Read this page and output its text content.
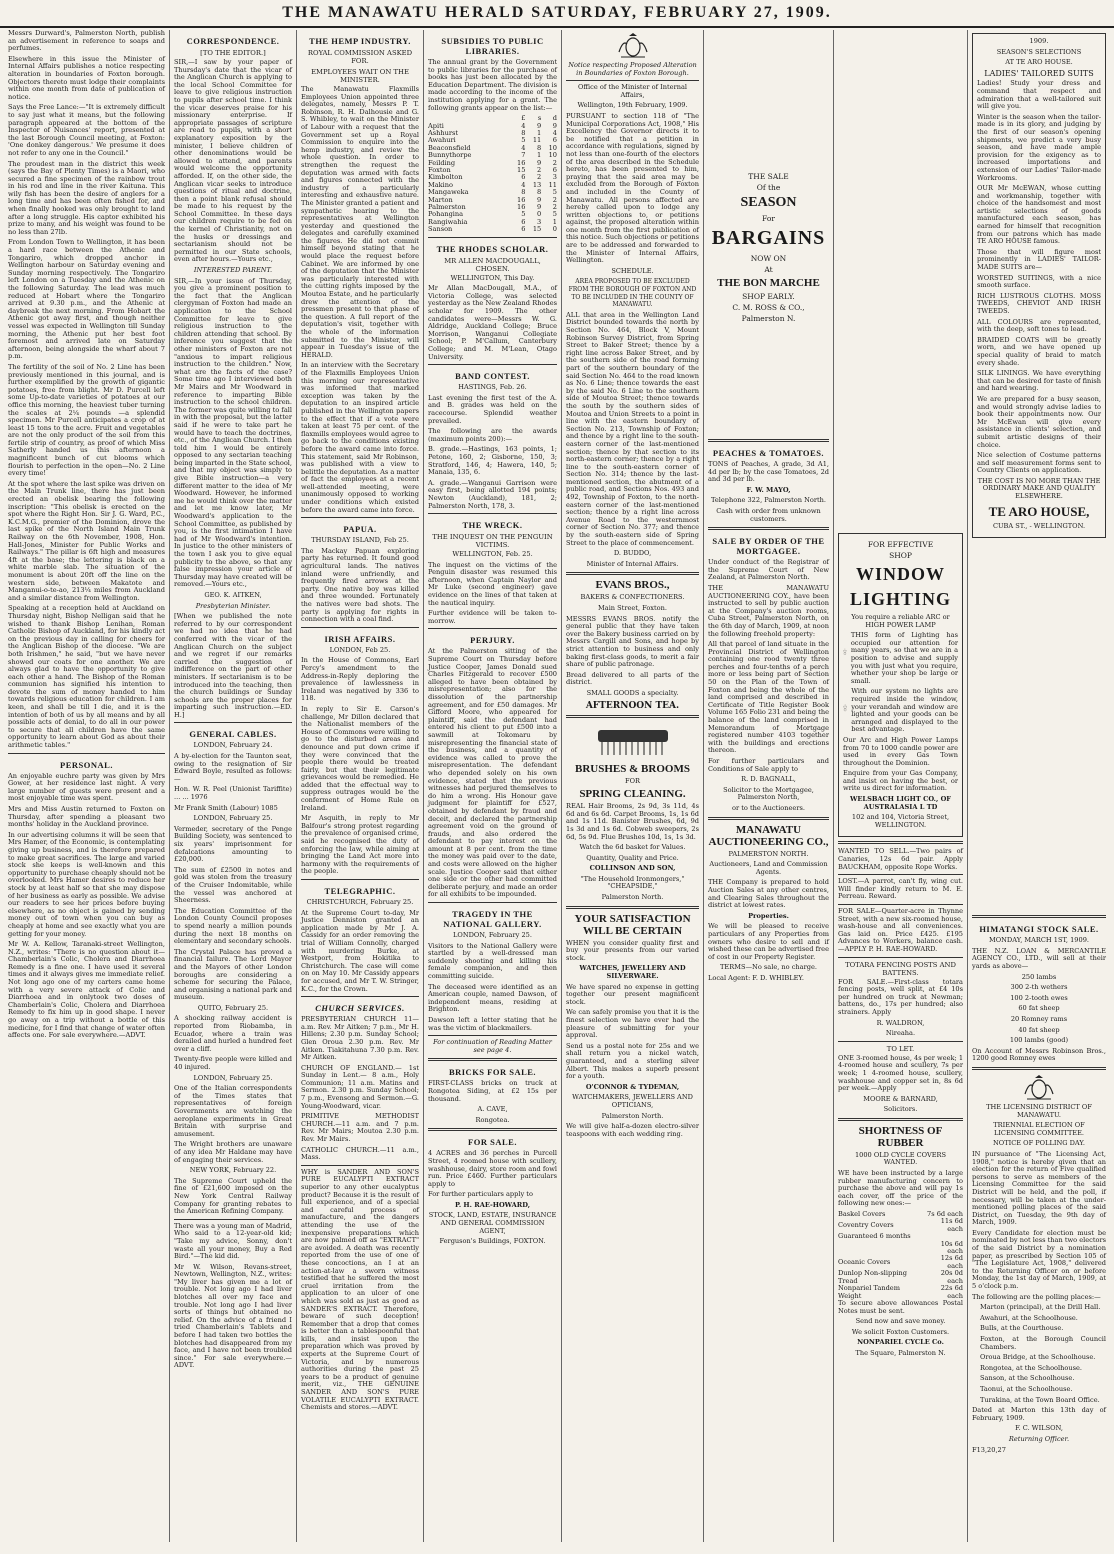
THE MANAWATU HERALD SATURDAY, FEBRUARY 27, 1909.

Messrs Durward's, Palmerston North, publish an advertisement in reference to soaps and perfumes.

Elsewhere in this issue the Minister of Internal Affairs publishes a notice respecting alteration in boundaries of Foxton borough. Objectors thereto must lodge their complaints within one month from date of publication of notice.

Says the Free Lance:—"It is extremely difficult to say just what it means, but the following paragraph appeared at the bottom of the Inspector of Nuisances' report, presented at the last Borough Council meeting, at Foxton: 'One donkey dangerous.' We presume it does not refer to any one in the Council."

The proudest man in the district this week (says the Bay of Plenty Times) is a Maori, who secured a fine specimen of the rainbow trout in his rod and line in the river Kaituna. This wily fish has been the desire of anglers for a long time and has been often fished for, and when finally hooked was only brought to land after a long struggle. His captor exhibited his prize to many, and his weight was found to be no less than 27lb.

From London Town to Wellington, it has been a hard race between the Athenic and Tongariro, which dropped anchor in Wellington harbour on Saturday evening and Sunday morning respectively. The Tongariro left London on a Tuesday and the Athenic on the following Saturday. The lead was much reduced at Hobart where the Tongariro arrived at 9.30 p.m., and the Athenic at daybreak the next morning. From Hobart the Athenic got away first, and though neither vessel was expected in Wellington till Sunday morning, the Athenic put her best foot foremost and arrived late on Saturday afternoon, being alongside the wharf about 7 p.m.

The fertility of the soil of No. 2 Line has been previously mentioned in this journal, and is further exemplified by the growth of gigantic potatoes, free from blight. Mr D. Purcell left some Up-to-date varieties of potatoes at our office this morning, the heaviest tuber turning the scales at 2¼ pounds —a splendid specimen. Mr Purcell anticipates a crop of at least 15 tons to the acre. Fruit and vegetables are not the only product of the soil from this fertile strip of country, as proof of which Miss Satherly handed us this afternoon a magnificent bunch of cut blooms which flourish to perfection in the open—No. 2 Line every time!

At the spot where the last spike was driven on the Main Trunk line, there has just been erected an obelisk bearing the following inscription: "This obelisk is erected on the spot where the Right Hon. Sir J. G. Ward, P.C., K.C.M.G., premier of the Dominion, drove the last spike of the North Island Main Trunk Railway on the 6th November, 1908, Hon. Hall-Jones, Minister for Public Works and Railways." The pillar is 6ft high and measures 4ft at the base; the lettering is black on a white marble slab. The situation of the monument is about 20ft off the line on the western side, between Makatote and Manganui-o-te-ao, 213¼ miles from Auckland and a similar distance from Wellington.

Speaking at a reception held at Auckland on Thursday night, Bishop Nelligan said that he wished to thank Bishop Lenihan, Roman Catholic Bishop of Auckland, for his kindly act on the previous day in calling for cheers for the Anglican Bishop of the diocese. "We are both Irishmen," he said, "but we have never showed our coats for one another. We are always glad to have the opportunity to give each other a hand. The Bishop of the Roman communion has signified his intention to devote the sum of money handed to him towards religious education for children. I am keen, and shall be till I die, and it is the intention of both of us by all means and by all possible acts of denial, to do all in our power to secure that all children have the same opportunity to learn about God as about their arithmetic tables."

PERSONAL.

An enjoyable euchre party was given by Mrs Gower, at her residence last night. A very large number of guests were present and a most enjoyable time was spent.

Mrs and Miss Austin returned to Foxton on Thursday, after spending a pleasant two months' holiday in the Auckland province.

In our advertising columns it will be seen that Mrs Hamer, of the Economic, is contemplating giving up business, and is therefore prepared to make great sacrifices. The large and varied stock she keeps is well-known and this opportunity to purchase cheaply should not be overlooked. Mrs Hamer desires to reduce her stock by at least half so that she may dispose of her business as early as possible. We advise our readers to see her prices before buying elsewhere, as no object is gained by sending money out of town when you can buy as cheaply at home and see exactly what you are getting for your money.

Mr W. A. Kellow, Taranaki-street Wellington, N.Z., writes: "There is no question about it—Chamberlain's Colic, Cholera and Diarrhoea Remedy is a fine one. I have used it several times and it always gives me immediate relief. Not long ago one of my carters came home with a very severe attack of Colic and Diarrhoea and in onlytook two doses of Chamberlain's Colic, Cholera and Diarrhoea Remedy to fix him up in good shape. I never go away on a trip without a bottle of this medicine, for I find that change of water often affects one. For sale everywhere.—ADVT.

CORRESPONDENCE.
[TO THE EDITOR.]

SIR,—I saw by your paper of Thursday's date that the vicar of the Anglican Church is applying to the local School Committee for leave to give religious instruction to pupils after school time. I think the vicar deserves praise for his missionary enterprise. If appropriate passages of scripture are read to pupils, with a short explanatory exposition by the minister, I believe children of other denominations would be allowed to attend, and parents would welcome the opportunity afforded. If, on the other side, the Anglican vicar seeks to introduce questions of ritual and doctrine, then a point blank refusal should be made to his request by the School Committee. In these days our children require to be fed on the kernel of Christianity, not on the husks or dressings and sectarianism should not be permitted in our State schools, even after hours.—Yours etc.,

INTERESTED PARENT.

SIR,—In your issue of Thursday, you give a prominent position to the fact that the Anglican clergyman of Foxton had made an application to the School Committee for leave to give religious instruction to the children attending that school. By inference you suggest that the other ministers of Foxton are not "anxious to impart religious instruction to the children." Now, what are the facts of the case? Some time ago I interviewed both Mr Mairs and Mr Woodward in reference to imparting Bible instruction to the school children. The former was quite willing to fall in with the proposal, but the latter said if he were to take part he would have to teach the doctrines, etc., of the Anglican Church. I then told him I would be entirely opposed to any sectarian teaching being imparted in the State school, and that my object was simply to give Bible instruction—a very different matter to the idea of Mr Woodward. However, he informed me he would think over the matter and let me know later, Mr Woodward's application to the School Committee, as published by you, is the first intimation I have had of Mr Woodward's intention. In justice to the other ministers of the town I ask you to give equal publicity to the above, so that any false impression your article of Thursday may have created will be removed.—Yours etc.,

GEO. K. AITKEN,

Presbyterian Minister.

[When we published the note referred to by our correspondent we had no idea that he had conferred with the vicar of the Anglican Church on the subject and we regret if our remarks carried the suggestion of indifference on the part of other ministers. If sectarianism is to be introduced into the teaching, then the church buildings or Sunday schools are the proper places for imparting such instruction.—ED. H.]

GENERAL CABLES.

LONDON, February 24.

A by-election for the Taunton seat, owing to the resignation of Sir Edward Boyle, resulted as follows:—

Hon. W. R. Peel (Unionist Tariffite) ... ... 1976

Mr Frank Smith (Labour) 1085

LONDON, February 25.

Vermeder, secretary of the Penge Building Society, was sentenced to six years' imprisonment for defalcations amounting to £20,000.

The sum of £2500 in notes and gold was stolen from the treasury of the Cruiser Indomitable, while the vessel was anchored at Sheerness.

The Education Committee of the London County Council proposes to spend nearly a million pounds during the next 18 months on elementary and secondary schools.

The Crystal Palace has proved a financial failure. The Lord Mayor and the Mayors of other London boroughs are considering a scheme for securing the Palace, and organising a national park and museum.

QUITO, February 25.

A shocking railway accident is reported from Riobamba, in Ecuador, where a train was derailed and hurled a hundred feet over a cliff.

Twenty-five people were killed and 40 injured.

LONDON, February 25.

One of the Italian correspondents of the Times states that representatives of foreign Governments are watching the aeroplane experiments in Great Britain with surprise and amusement.

The Wright brothers are unaware of any idea Mr Haldane may have of engaging their services.

NEW YORK, February 22.

The Supreme Court upheld the fine of £21,600 imposed on the New York Central Railway Company for granting rebates to the American Refining Company.

There was a young man of Madrid, Who said to a 12-year-old kid; "Take my advice, Sonny, don't waste all your money, Buy a Red Bird."—The kid did.

Mr W. Wilson, Revans-street, Newtown, Wellington, N.Z., writes: "My liver has given me a lot of trouble. Not long ago I had liver blotches all over my face and trouble. Not long ago I had liver sorts of things but obtained no relief. On the advice of a friend I tried Chamberlain's Tablets and before I had taken two bottles the blotches had disappeared from my face, and I have not been troubled since." For sale everywhere.—ADVT.

THE HEMP INDUSTRY.
ROYAL COMMISSION ASKED FOR.
EMPLOYEES WAIT ON THE MINISTER.

The Manawatu Flaxmills Employees Union appointed three delegates, namely, Messrs P. T. Robinson, R. H. Dalhousie and G. S. Whibley, to wait on the Minister of Labour with a request that the Government set up a Royal Commission to enquire into the hemp industry, and review the whole question. In order to strengthen the request the deputation was armed with facts and figures connected with the industry of a particularly interesting and exhaustive nature. The Minister granted a patient and sympathetic hearing to the representatives at Wellington yesterday and questioned the delegates and carefully examined the figures. He did not commit himself beyond stating that he would place the request before Cabinet. We are informed by one of the deputation that the Minister was particularly interested with the cutting rights imposed by the Moutoa Estate, and he particularly drew the attention of the pressmen present to that phase of the question. A full report of the deputation's visit, together with the whole of the information submitted to the Minister, will appear in Tuesday's issue of the HERALD.

In an interview with the Secretary of the Flaxmills Employees Union this morning our representative was informed that marked exception was taken by the deputation to an inspired article published in the Wellington papers to the effect that if a vote were taken at least 75 per cent. of the flaxmills employees would agree to go back to the conditions existing before the award came into force. This statement, said Mr Robinson, was published with a view to belittle the deputation. As a matter of fact the employees at a recent well-attended meeting, were unanimously opposed to working under conditions which existed before the award came into force.

PAPUA.

THURSDAY ISLAND, Feb 25.

The Mackay Papuan exploring party has returned. It found good agricultural lands. The natives inland were unfriendly, and frequently fired arrows at the party. One native boy was killed and three wounded. Fortunately the natives were bad shots. The party is applying for rights in connection with a coal find.

IRISH AFFAIRS.

LONDON, Feb 25.

In the House of Commons, Earl Percy's amendment to the Address-in-Reply deploring the prevalence of lawlessness in Ireland was negatived by 336 to 118.

In reply to Sir E. Carson's challenge, Mr Dillon declared that the Nationalist members of the House of Commons were willing to go to the disturbed areas and denounce and put down crime if they were convinced that the people there would be treated fairly, but that their legitimate grievances would be remedied. He added that the effectual way to suppress outrages would be the conferment of Home Rule on Ireland.

Mr Asquith, in reply to Mr Balfour's strong protest regarding the prevalence of organised crime, said he recognised the duty of enforcing the law, while aiming at bringing the Land Act more into harmony with the requirements of the people.

TELEGRAPHIC.

CHRISTCHURCH, February 25.

At the Supreme Court to-day, Mr Justice Denniston granted an application made by Mr J. A. Cassidy for an order removing the trial of William Connolly, charged with murdering Burke, at Westport, from Hokitika to Christchurch. The case will come on on May 10. Mr Cassidy appears for accused, and Mr T. W. Stringer, K.C., for the Crown.

CHURCH SERVICES.

PRESBYTERIAN CHURCH 11—a.m. Rev. Mr Aitken; 7 p.m., Mr H. Hillens; 2.30 p.m. Sunday School; Glen Oroua 2.30 p.m. Rev. Mr Aitken. Tiakitahuna 7.30 p.m. Rev. Mr Aitken.

CHURCH OF ENGLAND.— 1st Sunday in Lent.— 8 a.m., Holy Communion; 11 a.m. Matins and Sermon. 2.30 p.m. Sunday School; 7 p.m., Evensong and Sermon.—G. Young-Woodward, vicar.

PRIMITIVE METHODIST CHURCH.—11 a.m. and 7 p.m. Rev. Mr Mairs; Moutoa 2.30 p.m. Rev. Mr Mairs.

CATHOLIC CHURCH.—11 a.m., Mass.

WHY is SANDER AND SON'S PURE EUCALYPTI EXTRACT superior to any other eucalyptus product? Because it is the result of full experience, and of a special and careful process of manufacture, and the dangers attending the use of the inexpensive preparations which are now palmed off as "EXTRACT" are avoided. A death was recently reported from the use of one of these concoctions, an I at an action-at-law a sworn witness testified that he suffered the most cruel irritation from the application to an ulcer of one which was sold as just as good as SANDER'S EXTRACT. Therefore, beware of such deception! Remember that a drop that comes is better than a tablespoonful that kills, and insist upon the preparation which was proved by experts at the Supreme Court of Victoria, and by numerous authorities during the past 25 years to be a product of genuine merit, viz., THE GENUINE SANDER AND SON'S PURE VOLATILE EUCALYPTI EXTRACT. Chemists and stores.—ADVT.

SUBSIDIES TO PUBLIC LIBRARIES.

The annual grant by the Government to public libraries for the purchase of books has just been allocated by the Education Department. The division is made according to the income of the institution applying for a grant. The following grants appear on the list:—

	£	s	d
Apiti	4	9	9
Ashhurst	8	1	4
Awahuri	5	11	6
Beaconsfield	4	8	10
Bunnythorpe	7	1	10
Feilding	16	9	2
Foxton	15	2	6
Kimbolton	6	2	3
Makino	4	13	11
Mangaweka	8	8	5
Marton	16	9	2
Palmerston	16	9	2
Pohangina	5	0	5
Rangiwahia	6	3	1
Sanson	6	15	0
THE RHODES SCHOLAR.
MR ALLEN MACDOUGALL, CHOSEN.

WELLINGTON, This Day.

Mr Allan MacDougall, M.A., of Victoria College, was selected yesterday as the New Zealand Rhodes scholar for 1909. The other candidates were—Messrs W. G. Aldridge, Auckland College; Bruce Morrison, Wanganui Collegiate School; P. M'Callum, Canterbury College; and M. M'Lean, Otago University.

BAND CONTEST.

HASTINGS, Feb. 26.

Last evening the first test of the A. and B. grades was held on the racecourse. Splendid weather prevailed.

The following are the awards (maximum points 200):—

B. grade.—Hastings, 163 points, 1; Petone, 160, 2; Gisborne, 150, 3; Stratford, 146, 4; Hawera, 140, 5; Manaia, 135, 6.

A. grade.—Wanganui Garrison were easy first, being allotted 194 points; Newton (Auckland), 181, 2; Palmerston North, 178, 3.

THE WRECK.
THE INQUEST ON THE PENGUIN VICTIMS.

WELLINGTON, Feb. 25.

The inquest on the victims of the Penguin disaster was resumed this afternoon, when Captain Naylor and Mr Luke (second engineer) gave evidence on the lines of that taken at the nautical inquiry.

Further evidence will be taken to-morrow.

PERJURY.

At the Palmerston sitting of the Supreme Court on Thursday before Justice Cooper, James Donald sued Charles Fitzgerald to recover £500 alleged to have been obtained by misrepresentation; also for the dissolution of the partnership agreement, and for £50 damages. Mr Gifford Moore, who appeared for plaintiff, said the defendant had entered his client to put £500 into a sawmill at Tokomaru by misrepresenting the financial state of the business, and a quantity of evidence was called to prove the misrepresentation. The defendant who depended solely on his own evidence, stated that the previous witnesses had perjured themselves to do him a wrong. His Honour gave judgment for plaintiff for £527, obtained by defendant by fraud and deceit, and declared the partnership agreement void on the ground of frauds, and also ordered the defendant to pay interest on the amount at 8 per cent. from the time the money was paid over to the date, and costs were allowed on the higher scale. Justice Cooper said that either one side or the other had committed deliberate perjury, and made an order for all exhibits to be impounded.

TRAGEDY IN THE NATIONAL GALLERY.

LONDON, February 25.

Visitors to the National Gallery were startled by a well-dressed man suddenly shooting and killing his female companion, and then committing suicide.

The deceased were identified as an American couple, named Dawson, of independent means, residing at Brighton.

Dawson left a letter stating that he was the victim of blackmailers.

For continuation of Reading Matter see page 4.

BRICKS FOR SALE.

FIRST-CLASS bricks on truck at Rongotea Siding, at £2 15s per thousand.

A. CAVE,

Rongotea.

FOR SALE.

4 ACRES and 36 perches in Purcell Street, 4 roomed house with scullery, washhouse, dairy, store room and fowl run. Price £460. Further particulars apply to

For further particulars apply to

P. H. RAE-HOWARD,

STOCK, LAND, ESTATE, INSURANCE AND GENERAL COMMISSION AGENT,

Ferguson's Buildings, FOXTON.

Notice respecting Proposed Alteration in Boundaries of Foxton Borough.

Office of the Minister of Internal Affairs,

Wellington, 19th February, 1909.

PURSUANT to section 118 of "The Municipal Corporations Act, 1908," His Excellency the Governor directs it to be notified that a petition in accordance with regulations, signed by not less than one-fourth of the electors of the area described in the Schedule hereto, has been presented to him, praying that the said area may be excluded from the Borough of Foxton and included in the County of Manawatu. All persons affected are hereby called upon to lodge any written objections to, or petitions against, the proposed alteration within one month from the first publication of this notice. Such objections or petitions are to be addressed and forwarded to the Minister of Internal Affairs, Wellington.

SCHEDULE.

AREA PROPOSED TO BE EXCLUDED FROM THE BOROUGH OF FOXTON AND TO BE INCLUDED IN THE COUNTY OF MANAWATU.

ALL that area in the Wellington Land District bounded towards the north by Section No. 464, Block V, Mount Robinson Survey District, from Spring Street to Baker Street; thence by a right line across Baker Street, and by the southern side of the road forming part of the southern boundary of the said Section No. 464 to the road known as No. 6 Line; thence towards the east by the said No. 6 Line to the southern side of Moutoa Street; thence towards the south by the southern sides of Moutoa and Union Streets to a point in line with the eastern boundary of Section No. 213, Township of Foxton; and thence by a right line to the south-eastern corner of the last-mentioned section; thence by that section to its north-eastern corner; thence by a right line to the south-eastern corner of Section No. 314; thence by the last-mentioned section, the abutment of a public road, and Sections Nos. 493 and 492, Township of Foxton, to the north-eastern corner of the last-mentioned section; thence by a right line across Avenue Road to the westernmost corner of Section No. 377; and thence by the south-eastern side of Spring Street to the place of commencement.

D. BUDDO,

Minister of Internal Affairs.

EVANS BROS.,

BAKERS & CONFECTIONERS.

Main Street, Foxton.

MESSRS EVANS BROS. notify the general public that they have taken over the Bakery business carried on by Messrs Cargill and Sons, and hope by strict attention to business and only baking first-class goods, to merit a fair share of public patronage.

Bread delivered to all parts of the district.

SMALL GOODS a specialty.

AFTERNOON TEA.
BRUSHES & BROOMS

FOR

SPRING CLEANING.

REAL Hair Brooms, 2s 9d, 3s 11d, 4s 6d and 6s 6d. Carpet Brooms, 1s, 1s 6d and 1s 11d. Banister Brushes, 6d, 9d 1s 3d and 1s 6d. Cobweb sweepers, 2s 6d, 5s 9d. Flue Brushes 10d, 1s, 1s 3d.

Watch the 6d basket for Values.

Quantity, Quality and Price.

COLLINSON AND SON,

"The Household Ironmongers," "CHEAPSIDE,"

Palmerston North.

YOUR SATISFACTION WILL BE CERTAIN

WHEN you consider quality first and buy your presents from our varied stock.

WATCHES, JEWELLERY AND SILVERWARE.

We have spared no expense in getting together our present magnificent stock.

We can safely promise you that it is the finest selection we have ever had the pleasure of submitting for your approval.

Send us a postal note for 25s and we shall return you a nickel watch, guaranteed, and a sterling silver Albert. This makes a superb present for a youth.

O'CONNOR & TYDEMAN,

WATCHMAKERS, JEWELLERS AND OPTICIANS,

Palmerston North.

We will give half-a-dozen electro-silver teaspoons with each wedding ring.

THE SALE
Of the
SEASON
For
BARGAINS
NOW ON
At
THE BON MARCHE
SHOP EARLY.
C. M. ROSS & CO.,
Palmerston N.
PEACHES & TOMATOES.

TONS of Peaches, A grade, 3d A1, 4d per lb; by the case Tomatoes, 2d and 3d per lb.

F. W. MAYO,

Telephone 322, Palmerston North.

Cash with order from unknown customers.

SALE BY ORDER OF THE MORTGAGEE.

Under conduct of the Registrar of the Supreme Court of New Zealand, at Palmerston North.

THE MANAWATU AUCTIONEERING COY., have been instructed to sell by public auction at the Company's auction rooms, Cuba Street, Palmerston North, on the 6th day of March, 1909, at noon the following freehold property:

All that parcel of land situate in the Provincial District of Wellington containing one rood twenty three perches and four-tenths of a perch more or less being part of Section 50 on the Plan of the Town of Foxton and being the whole of the land comprised and described in Certificate of Title Register Book Volume 165 Folio 231 and being the balance of the land comprised in Memorandum of Mortgage registered number 4103 together with the buildings and erections thereon.

For further particulars and Conditions of Sale apply to

R. D. BAGNALL,

Solicitor to the Mortgagee, Palmerston North,

or to the Auctioneers.

MANAWATU AUCTIONEERING CO.,

PALMERSTON NORTH.

Auctioneers, Land and Commission Agents.

THE Company is prepared to hold Auction Sales at any other centres, and Clearing Sales throughout the district at lowest rates.

Properties.

We will be pleased to receive particulars of any Properties from owners who desire to sell and if wished these can be advertised free of cost in our Property Register.

TERMS—No sale, no charge.

Local Agent: F. D. WHIBLEY.

FOR EFFECTIVE
SHOP
WINDOW
LIGHTING

You require a reliable ARC or HIGH POWER LAMP

THIS form of Lighting has occupied our attention for many years, so that we are in a position to advise and supply you with just what you require, whether your shop be large or small.

With our system no lights are required inside the window, your verandah and window are lighted and your goods can be arranged and displayed to the best advantage.

Our Arc and High Power Lamps from 70 to 1000 candle power are used in every Gas Town throughout the Dominion.

Enquire from your Gas Company, and insist on having the best, or write us direct for information.

WELSBACH LIGHT CO., OF AUSTRALASIA L TD

102 and 104, Victoria Street, WELLINGTON.

WANTED TO SELL.—Two pairs of Canaries, 12s 6d pair. Apply BAUCKHAM, opposite Rope Works.

LOST.—A parrot, can't fly, wing cut. Will finder kindly return to M. E. Perreau. Reward.

FOR SALE—Quarter-acre in Thynne Street, with a new six-roomed house, wash-house and all conveniences. Gas laid on. Price £425. £195 Advances to Workers, balance cash.—APPLY P. H. RAE-HOWARD.

TOTARA FENCING POSTS AND BATTENS.

FOR SALE.—First-class totara fencing posts, well split, at £4 10s per hundred on truck at Newman; battens, do., 17s per hundred; also strainers. Apply

R. WALDRON,

Nireaha.

TO LET.

ONE 3-roomed house, 4s per week; 1 4-roomed house and scullery, 7s per week; 1 4-roomed house, scullery, washhouse and copper set in, 8s 6d per week.—Apply

MOORE & BARNARD,

Solicitors.

SHORTNESS OF RUBBER

1000 OLD CYCLE COVERS WANTED.

WE have been instructed by a large rubber manufacturing concern to purchase the above and will pay 1s each cover, off the price of the following new ones:—

Baskel Covers	7s 6d each
Coventry Covers	11s 6d each
Guaranteed 6 months	
	10s 6d each
Oceanic Covers	12s 6d each
Dunlop Non-slipping Tread	20s 0d each
Nonpariel Tandem Weight	22s 6d each

To secure above allowances Postal Notes must be sent.

Send now and save money.

We solicit Foxton Customers.

NONPARIEL CYCLE Co.

The Square, Palmerston N.

1909.

SEASON'S SELECTIONS

AT TE ARO HOUSE.

LADIES' TAILORED SUITS

Ladies! Study your dress and command that respect and admiration that a well-tailored suit will give you.

Winter is the season when the tailor-made is in its glory, and judging by the first of our season's opening shipments, we predict a very busy season, and have made ample provision for the exigency as to increased importations and extension of our Ladies' Tailor-made Workrooms.

OUR Mr McEWAN, whose cutting and workmanship, together with choice of the handsomest and most artistic selections of goods manufactured each season, has earned for himself that recognition from our patrons which has made TE ARO HOUSE famous.

Those that will figure most prominently in LADIES' TAILOR-MADE SUITS are—

WORSTED SUITINGS, with a nice smooth surface.

RICH LUSTROUS CLOTHS. MOSS TWEEDS, CHEVIOT AND IRISH TWEEDS.

ALL COLOURS are represented, with the deep, soft tones to lead.

BRAIDED COATS will be greatly worn, and we have opened up special quality of braid to match every shade.

SILK LININGS. We have everything that can be desired for taste of finish and hard wearing.

We are prepared for a busy season, and would strongly advise ladies to book their appointments now. Our Mr McEwan will give every assistance in clients' selection, and submit artistic designs of their choice.

Nice selection of Costume patterns and self measurement forms sent to Country Clients on application.

THE COST IS NO MORE THAN THE ORDINARY MAKE AND QUALITY ELSEWHERE.

TE ARO HOUSE,

CUBA ST., - WELLINGTON.

HIMATANGI STOCK SALE.

MONDAY, MARCH 1ST, 1909.

THE N.Z. LOAN & MERCANTILE AGENCY CO., LTD., will sell at their yards as above—

250 lambs

300 2-th wethers

100 2-tooth ewes

60 fat sheep

20 Romney rams

40 fat sheep

100 lambs (good)

On Account of Messrs Robinson Bros., 1200 good Romney ewes

THE LICENSING DISTRICT OF MANAWATU.

TRIENNIAL ELECTION OF LICENSING COMMITTEE.

NOTICE OF POLLING DAY.

IN pursuance of "The Licensing Act, 1908," notice is hereby given that an election for the return of Five qualified persons to serve as members of the Licensing Committee for the said District will be held, and the poll, if necessary, will be taken at the under-mentioned polling places of the said District, on Tuesday, the 9th day of March, 1909.

Every Candidate for election must be nominated by not less than two electors of the said District by a nomination paper, as prescribed by Section 105 of "The Legislature Act, 1908," delivered to the Returning Officer on or before Monday, the 1st day of March, 1909, at 5 o'clock p.m.

The following are the polling places:—

Marton (principal), at the Drill Hall.

Awahuri, at the Schoolhouse.

Bulls, at the Courthouse.

Foxton, at the Borough Council Chambers.

Oroua Bridge, at the Schoolhouse.

Rongotea, at the Schoolhouse.

Sanson, at the Schoolhouse.

Taonui, at the Schoolhouse.

Turakina, at the Town Board Office.

Dated at Marton this 13th day of February, 1909.

F. C. WILSON,

Returning Officer.

F13,20,27
